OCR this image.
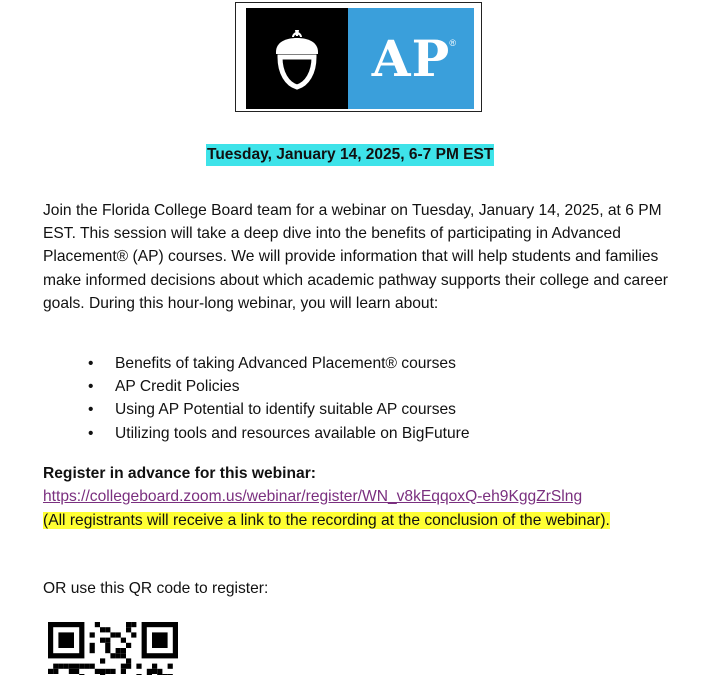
AP ®
Tuesday, January 14, 2025, 6-7 PM EST

Join the Florida College Board team for a webinar on Tuesday, January 14, 2025, at 6 PM EST. This session will take a deep dive into the benefits of participating in Advanced Placement® (AP) courses. We will provide information that will help students and families make informed decisions about which academic pathway supports their college and career goals. During this hour-long webinar, you will learn about:

• Benefits of taking Advanced Placement® courses
• AP Credit Policies
• Using AP Potential to identify suitable AP courses
• Utilizing tools and resources available on BigFuture
Register in advance for this webinar:
https://collegeboard.zoom.us/webinar/register/WN_v8kEqqoxQ-eh9KggZrSlng

(All registrants will receive a link to the recording at the conclusion of the webinar).

OR use this QR code to register:
